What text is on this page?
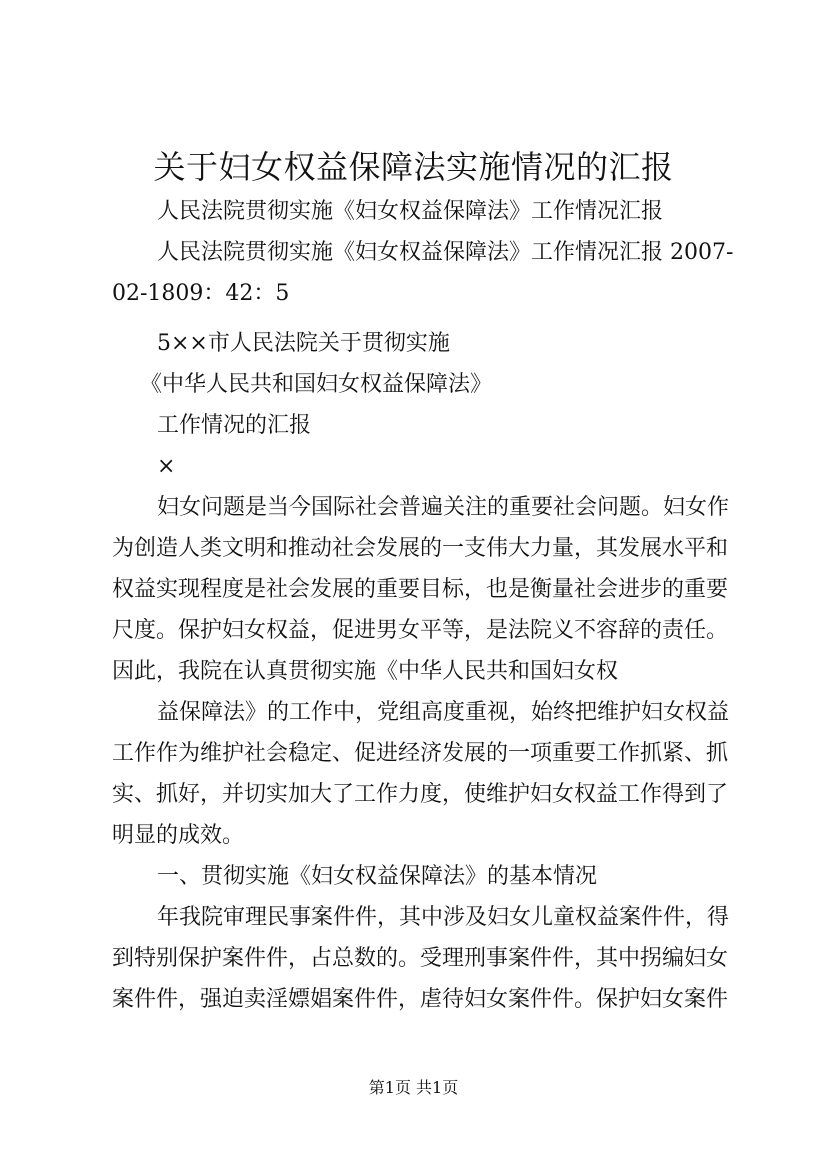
关于妇女权益保障法实施情况的汇报
人民法院贯彻实施《妇女权益保障法》工作情况汇报
人民法院贯彻实施《妇女权益保障法》工作情况汇报 2007-
02-1809：42：5
5××市人民法院关于贯彻实施
《中华人民共和国妇女权益保障法》
工作情况的汇报
×
妇女问题是当今国际社会普遍关注的重要社会问题。妇女作
为创造人类文明和推动社会发展的一支伟大力量，其发展水平和
权益实现程度是社会发展的重要目标，也是衡量社会进步的重要
尺度。保护妇女权益，促进男女平等，是法院义不容辞的责任。
因此，我院在认真贯彻实施《中华人民共和国妇女权
益保障法》的工作中，党组高度重视，始终把维护妇女权益
工作作为维护社会稳定、促进经济发展的一项重要工作抓紧、抓
实、抓好，并切实加大了工作力度，使维护妇女权益工作得到了
明显的成效。
一、贯彻实施《妇女权益保障法》的基本情况
年我院审理民事案件件，其中涉及妇女儿童权益案件件，得
到特别保护案件件，占总数的。受理刑事案件件，其中拐编妇女
案件件，强迫卖淫嫖娼案件件，虐待妇女案件件。保护妇女案件
第1页 共1页
